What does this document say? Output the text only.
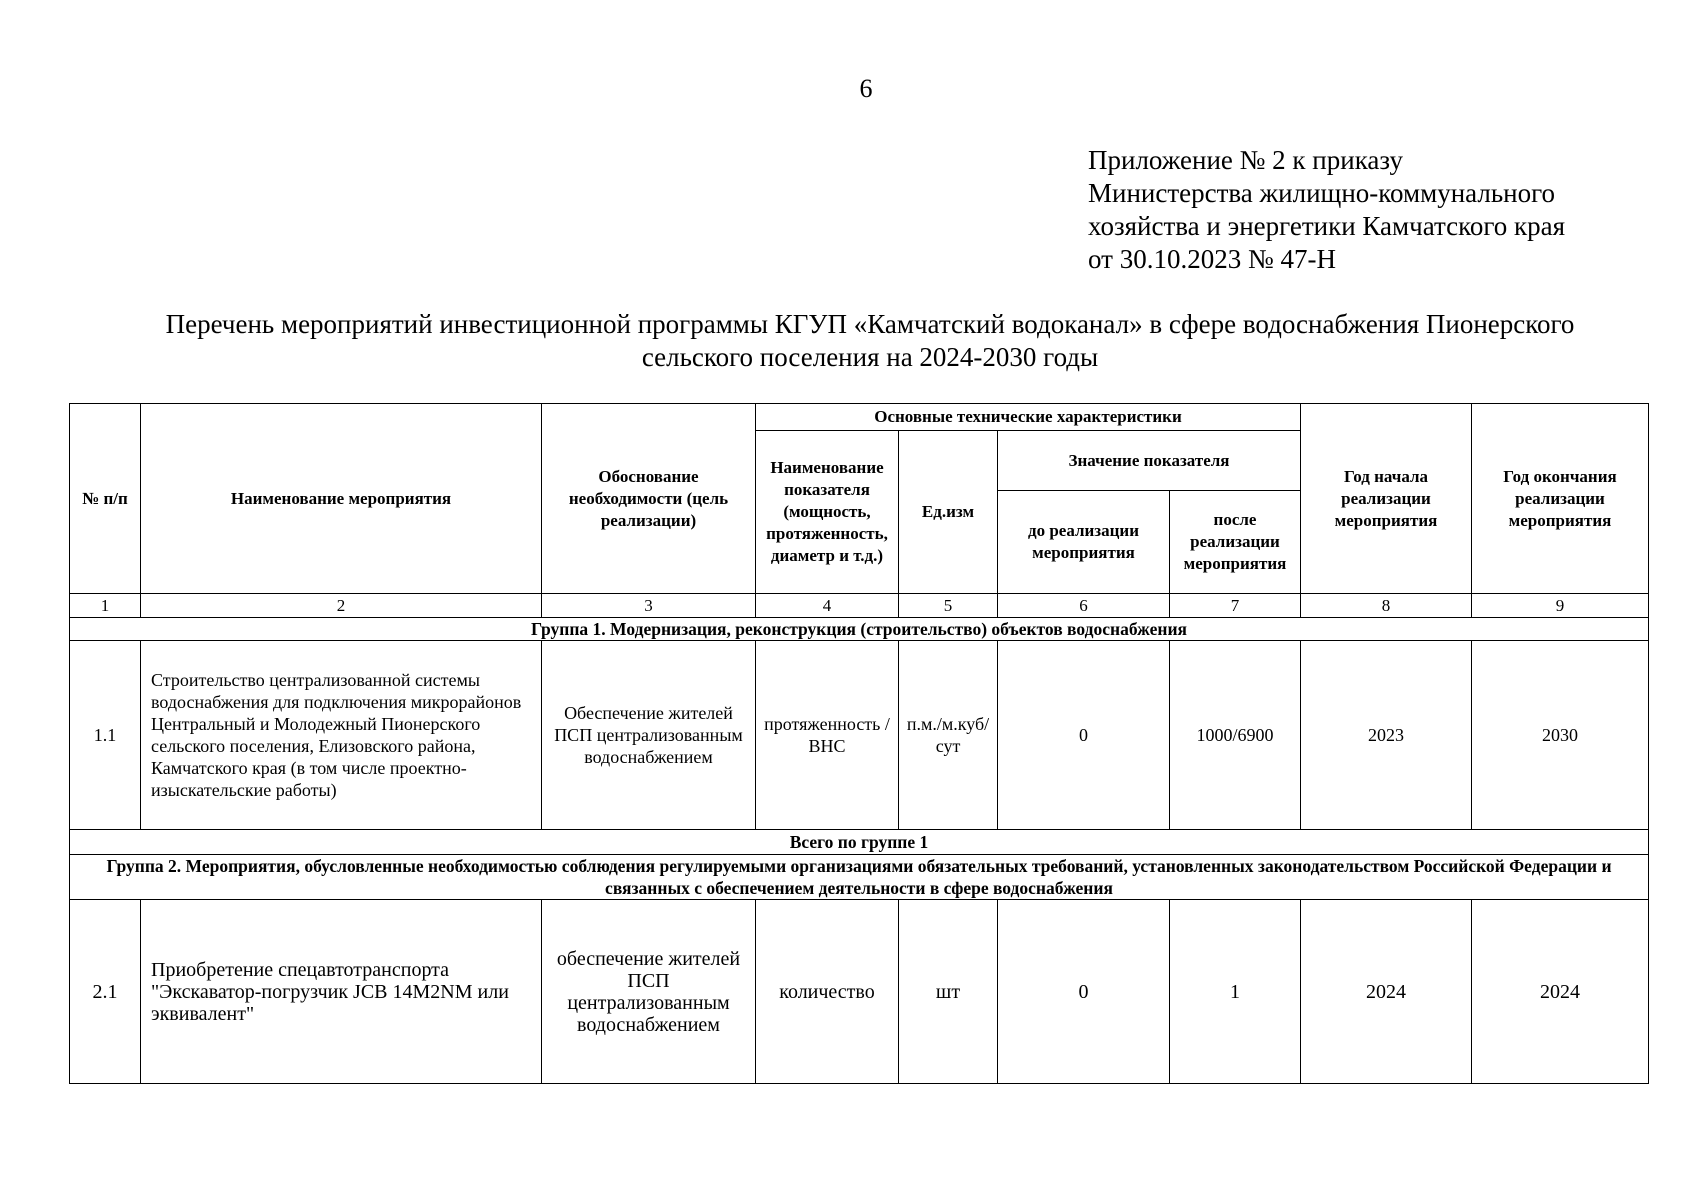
6
Приложение № 2 к приказу
Министерства жилищно-коммунального
хозяйства и энергетики Камчатского края
от 30.10.2023 № 47-Н
Перечень мероприятий инвестиционной программы КГУП «Камчатский водоканал» в сфере водоснабжения Пионерского
сельского поселения на 2024-2030 годы
№ п/п	Наименование мероприятия	Обоснование необходимости (цель реализации)	Основные технические характеристики				Год начала реализации мероприятия	Год окончания реализации мероприятия
			Наименование показателя (мощность, протяженность, диаметр и т.д.)	Ед.изм	Значение показателя			
					до реализации мероприятия	после реализации мероприятия		
1	2	3	4	5	6	7	8	9
Группа 1. Модернизация, реконструкция (строительство) объектов водоснабжения								
1.1	Строительство централизованной системы водоснабжения для подключения микрорайонов Центральный и Молодежный Пионерского сельского поселения, Елизовского района, Камчатского края (в том числе проектно-изыскательские работы)	Обеспечение жителей ПСП централизованным водоснабжением	протяженность /ВНС	п.м./м.куб/сут	0	1000/6900	2023	2030
Всего по группе 1								
Группа 2. Мероприятия, обусловленные необходимостью соблюдения регулируемыми организациями обязательных требований, установленных законодательством Российской Федерации и связанных с обеспечением деятельности в сфере водоснабжения								
2.1	Приобретение спецавтотранспорта "Экскаватор-погрузчик JCB 14M2NM или эквивалент"	обеспечение жителей ПСП централизованным водоснабжением	количество	шт	0	1	2024	2024
